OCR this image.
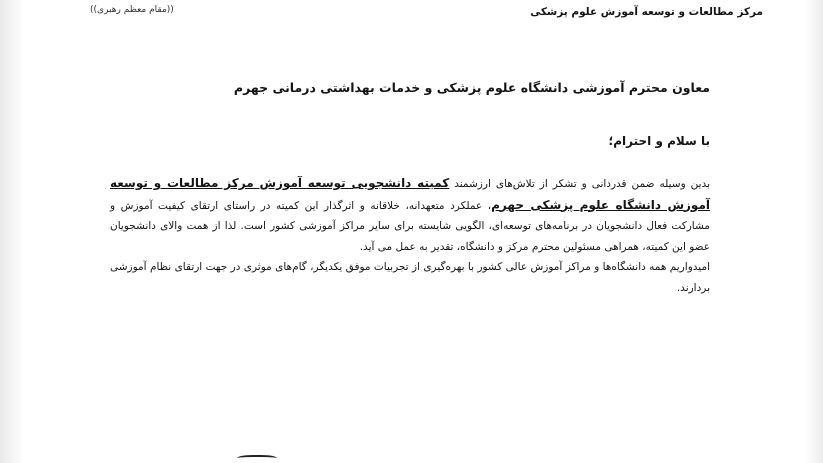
مرکز مطالعات و توسعه آموزش علوم پزشکی
((مقام معظم رهبری))
معاون محترم آموزشی دانشگاه علوم پزشکی و خدمات بهداشتی درمانی جهرم
با سلام و احترام؛

بدین وسیله ضمن قدردانی و تشکر از تلاش‌های ارزشمند کمیته دانشجویی توسعه آموزش مرکز مطالعات و توسعه آموزش دانشگاه علوم پزشکی جهرم، عملکرد متعهدانه، خلاقانه و اثرگذار این کمیته در راستای ارتقای کیفیت آموزش و مشارکت فعال دانشجویان در برنامه‌های توسعه‌ای، الگویی شایسته برای سایر مراکز آموزشی کشور است. لذا از همت والای دانشجویان عضو این کمیته، همراهی مسئولین محترم مرکز و دانشگاه، تقدیر به عمل می آید.

امیدواریم همه دانشگاه‌ها و مراکز آموزش عالی کشور با بهره‌گیری از تجربیات موفق یکدیگر، گام‌های موثری در جهت ارتقای نظام آموزشی بردارند.
